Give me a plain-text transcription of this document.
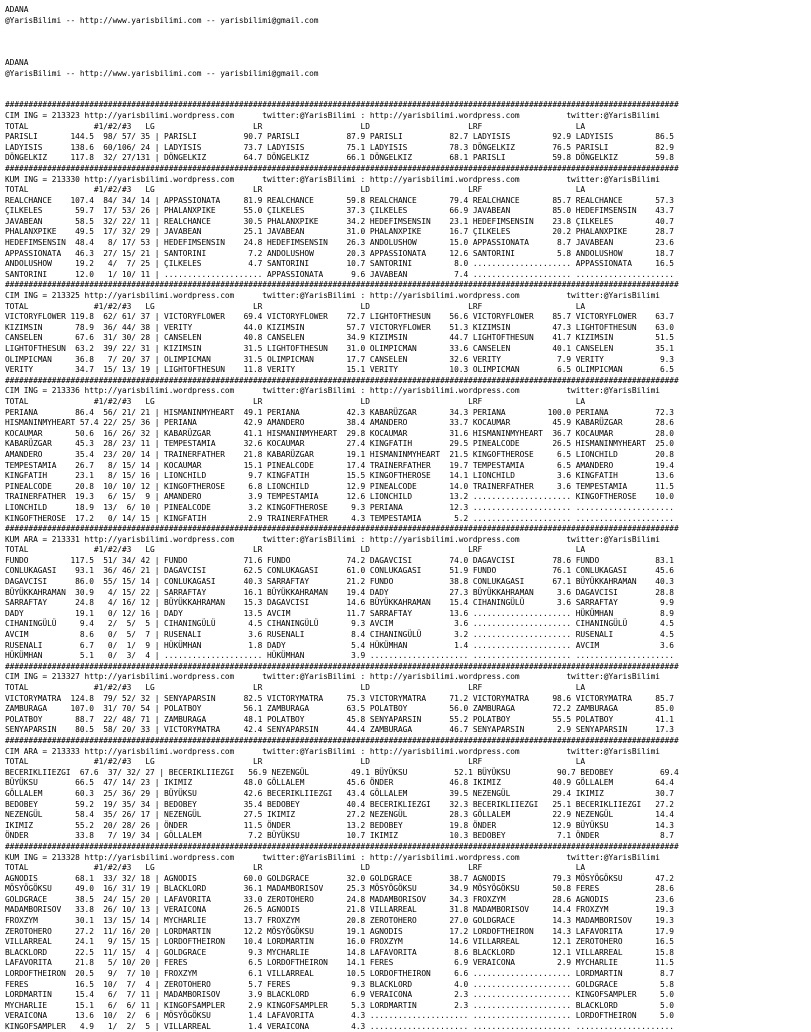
ADANA
@YarisBilimi -- http://www.yarisbilimi.com -- yarisbilimi@gmail.com

ADANA
@YarisBilimi -- http://www.yarisbilimi.com -- yarisbilimi@gmail.com

################################################################################################################################################
CIM ING = 213323 http://yarisbilimi.wordpress.com      twitter:@YarisBilimi : http://yarisbilimi.wordpress.com          twitter:@YarisBilimi
TOTAL              #1/#2/#3   LG                     LR                     LD                     LRF                    LA
PARISLI       144.5  98/ 57/ 35 | PARISLI          90.7 PARISLI          87.9 PARISLI          82.7 LADYISIS         92.9 LADYISIS         86.5
LADYISIS      138.6  60/106/ 24 | LADYISIS         73.7 LADYISIS         75.1 LADYISIS         78.3 DÖNGELKIZ        76.5 PARISLI          82.9
DÖNGELKIZ     117.8  32/ 27/131 | DÖNGELKIZ        64.7 DÖNGELKIZ        66.1 DÖNGELKIZ        68.1 PARISLI          59.8 DÖNGELKIZ        59.8
################################################################################################################################################
KUM ING = 213330 http://yarisbilimi.wordpress.com      twitter:@YarisBilimi : http://yarisbilimi.wordpress.com          twitter:@YarisBilimi
TOTAL              #1/#2/#3   LG                     LR                     LD                     LRF                    LA
REALCHANCE    107.4  84/ 34/ 14 | APPASSIONATA     81.9 REALCHANCE       59.8 REALCHANCE       79.4 REALCHANCE       85.7 REALCHANCE       57.3
ÇILKELES       59.7  17/ 53/ 26 | PHALANXPIKE      55.0 ÇILKELES         37.3 ÇILKELES         66.9 JAVABEAN         85.0 HEDEFIMSENSIN    43.7
JAVABEAN       58.5  32/ 22/ 11 | REALCHANCE       30.5 PHALANXPIKE      34.2 HEDEFIMSENSIN    23.1 HEDEFIMSENSIN    23.8 ÇILKELES         40.7
PHALANXPIKE    49.5  17/ 32/ 29 | JAVABEAN         25.1 JAVABEAN         31.0 PHALANXPIKE      16.7 ÇILKELES         20.2 PHALANXPIKE      28.7
HEDEFIMSENSIN  48.4   8/ 17/ 53 | HEDEFIMSENSIN    24.8 HEDEFIMSENSIN    26.3 ANDOLUSHOW       15.0 APPASSIONATA      8.7 JAVABEAN         23.6
APPASSIONATA   46.3  27/ 15/ 21 | SANTORINI         7.2 ANDOLUSHOW       20.3 APPASSIONATA     12.6 SANTORINI         5.8 ANDOLUSHOW       18.7
ANDOLUSHOW     19.2   4/  7/ 25 | ÇILKELES          4.7 SANTORINI        10.7 SANTORINI         8.0 ..................... APPASSIONATA     16.5
SANTORINI      12.0   1/ 10/ 11 | ..................... APPASSIONATA      9.6 JAVABEAN          7.4 ..................... .....................
################################################################################################################################################
CIM ING = 213325 http://yarisbilimi.wordpress.com      twitter:@YarisBilimi : http://yarisbilimi.wordpress.com          twitter:@YarisBilimi
TOTAL              #1/#2/#3   LG                     LR                     LD                     LRF                    LA
VICTORYFLOWER 119.8  62/ 61/ 37 | VICTORYFLOWER    69.4 VICTORYFLOWER    72.7 LIGHTOFTHESUN    56.6 VICTORYFLOWER    85.7 VICTORYFLOWER    63.7
KIZIMSIN       78.9  36/ 44/ 38 | VERITY           44.0 KIZIMSIN         57.7 VICTORYFLOWER    51.3 KIZIMSIN         47.3 LIGHTOFTHESUN    63.0
CANSELEN       67.6  31/ 30/ 28 | CANSELEN         40.8 CANSELEN         34.9 KIZIMSIN         44.7 LIGHTOFTHESUN    41.7 KIZIMSIN         51.5
LIGHTOFTHESUN  63.2  39/ 22/ 31 | KIZIMSIN         31.5 LIGHTOFTHESUN    31.0 OLIMPICMAN       33.6 CANSELEN         40.1 CANSELEN         35.1
OLIMPICMAN     36.8   7/ 20/ 37 | OLIMPICMAN       31.5 OLIMPICMAN       17.7 CANSELEN         32.6 VERITY            7.9 VERITY            9.3
VERITY         34.7  15/ 13/ 19 | LIGHTOFTHESUN    11.8 VERITY           15.1 VERITY           10.3 OLIMPICMAN        6.5 OLIMPICMAN        6.5
################################################################################################################################################
CIM ING = 213336 http://yarisbilimi.wordpress.com      twitter:@YarisBilimi : http://yarisbilimi.wordpress.com          twitter:@YarisBilimi
TOTAL              #1/#2/#3   LG                     LR                     LD                     LRF                    LA
PERIANA        86.4  56/ 21/ 21 | HISMANINMYHEART  49.1 PERIANA          42.3 KABARÜZGAR       34.3 PERIANA         100.0 PERIANA          72.3
HISMANINMYHEART 57.4 22/ 25/ 36 | PERIANA          42.9 AMANDERO         38.4 AMANDERO         33.7 KOCAUMAR         45.9 KABARÜZGAR       28.6
KOCAUMAR       50.6  16/ 26/ 32 | KABARÜZGAR       41.1 HISMANINMYHEART  29.8 KOCAUMAR         31.6 HISMANINMYHEART  36.7 KOCAUMAR         28.0
KABARÜZGAR     45.3  28/ 23/ 11 | TEMPESTAMIA      32.6 KOCAUMAR         27.4 KINGFATIH        29.5 PINEALCODE       26.5 HISMANINMYHEART  25.0
AMANDERO       35.4  23/ 20/ 14 | TRAINERFATHER    21.8 KABARÜZGAR       19.1 HISMANINMYHEART  21.5 KINGOFTHEROSE     6.5 LIONCHILD        20.8
TEMPESTAMIA    26.7   8/ 15/ 14 | KOCAUMAR         15.1 PINEALCODE       17.4 TRAINERFATHER    19.7 TEMPESTAMIA       6.5 AMANDERO         19.4
KINGFATIH      23.1   8/ 15/ 16 | LIONCHILD         9.7 KINGFATIH        15.5 KINGOFTHEROSE    14.1 LIONCHILD         3.6 KINGFATIH        13.6
PINEALCODE     20.8  10/ 10/ 12 | KINGOFTHEROSE     6.8 LIONCHILD        12.9 PINEALCODE       14.0 TRAINERFATHER     3.6 TEMPESTAMIA      11.5
TRAINERFATHER  19.3   6/ 15/  9 | AMANDERO          3.9 TEMPESTAMIA      12.6 LIONCHILD        13.2 ..................... KINGOFTHEROSE    10.0
LIONCHILD      18.9  13/  6/ 10 | PINEALCODE        3.2 KINGOFTHEROSE     9.3 PERIANA          12.3 ..................... .....................
KINGOFTHEROSE  17.2   0/ 14/ 15 | KINGFATIH         2.9 TRAINERFATHER     4.3 TEMPESTAMIA       5.2 ..................... .....................
################################################################################################################################################
KUM ARA = 213331 http://yarisbilimi.wordpress.com      twitter:@YarisBilimi : http://yarisbilimi.wordpress.com          twitter:@YarisBilimi
TOTAL              #1/#2/#3   LG                     LR                     LD                     LRF                    LA
FUNDO         117.5  51/ 34/ 42 | FUNDO            71.6 FUNDO            74.2 DAGAVCISI        74.0 DAGAVCISI        78.6 FUNDO            83.1
CONLUKAGASI    93.1  36/ 46/ 21 | DAGAVCISI        62.5 CONLUKAGASI      61.0 CONLUKAGASI      51.9 FUNDO            76.1 CONLUKAGASI      45.6
DAGAVCISI      86.0  55/ 15/ 14 | CONLUKAGASI      40.3 SARRAFTAY        21.2 FUNDO            38.8 CONLUKAGASI      67.1 BÜYÜKKAHRAMAN    40.3
BÜYÜKKAHRAMAN  30.9   4/ 15/ 22 | SARRAFTAY        16.1 BÜYÜKKAHRAMAN    19.4 DADY             27.3 BÜYÜKKAHRAMAN     3.6 DAGAVCISI        28.8
SARRAFTAY      24.8   4/ 16/ 12 | BÜYÜKKAHRAMAN    15.3 DAGAVCISI        14.6 BÜYÜKKAHRAMAN    15.4 CIHANINGÜLÜ       3.6 SARRAFTAY         9.9
DADY           19.1   0/ 12/ 16 | DADY             13.5 AVCIM            11.7 SARRAFTAY        13.6 ..................... HÜKÜMHAN          8.9
CIHANINGÜLÜ     9.4   2/  5/  5 | CIHANINGÜLÜ       4.5 CIHANINGÜLÜ       9.3 AVCIM             3.6 ..................... CIHANINGÜLÜ       4.5
AVCIM           8.6   0/  5/  7 | RUSENALI          3.6 RUSENALI          8.4 CIHANINGÜLÜ       3.2 ..................... RUSENALI          4.5
RUSENALI        6.7   0/  1/  9 | HÜKÜMHAN          1.8 DADY              5.4 HÜKÜMHAN          1.4 ..................... AVCIM             3.6
HÜKÜMHAN        5.1   0/  3/  4 | ..................... HÜKÜMHAN          3.9 ..................... ..................... .....................
################################################################################################################################################
CIM ING = 213327 http://yarisbilimi.wordpress.com      twitter:@YarisBilimi : http://yarisbilimi.wordpress.com          twitter:@YarisBilimi
TOTAL              #1/#2/#3   LG                     LR                     LD                     LRF                    LA
VICTORYMATRA  124.8  79/ 52/ 32 | SENYAPARSIN      82.5 VICTORYMATRA     75.3 VICTORYMATRA     71.2 VICTORYMATRA     98.6 VICTORYMATRA     85.7
ZAMBURAGA     107.0  31/ 70/ 54 | POLATBOY         56.1 ZAMBURAGA        63.5 POLATBOY         56.0 ZAMBURAGA        72.2 ZAMBURAGA        85.0
POLATBOY       88.7  22/ 48/ 71 | ZAMBURAGA        48.1 POLATBOY         45.8 SENYAPARSIN      55.2 POLATBOY         55.5 POLATBOY         41.1
SENYAPARSIN    80.5  58/ 20/ 33 | VICTORYMATRA     42.4 SENYAPARSIN      44.4 ZAMBURAGA        46.7 SENYAPARSIN       2.9 SENYAPARSIN      17.3
################################################################################################################################################
CIM ARA = 213333 http://yarisbilimi.wordpress.com      twitter:@YarisBilimi : http://yarisbilimi.wordpress.com          twitter:@YarisBilimi
TOTAL              #1/#2/#3   LG                     LR                     LD                     LRF                    LA
BECERIKLIIEZGI  67.6  37/ 32/ 27 | BECERIKLIIEZGI   56.9 NEZENGÜL         49.1 BÜYÜKSU          52.1 BÜYÜKSU          90.7 BEDOBEY          69.4
BÜYÜKSU        66.5  47/ 14/ 23 | IKIMIZ           48.0 GÖLLALEM         45.6 ÖNDER            46.8 IKIMIZ           40.9 GÖLLALEM         64.4
GÖLLALEM       60.3  25/ 36/ 29 | BÜYÜKSU          42.6 BECERIKLIIEZGI   43.4 GÖLLALEM         39.5 NEZENGÜL         29.4 IKIMIZ           30.7
BEDOBEY        59.2  19/ 35/ 34 | BEDOBEY          35.4 BEDOBEY          40.4 BECERIKLIEZGI    32.3 BECERIKLIIEZGI   25.1 BECERIKLIIEZGI   27.2
NEZENGÜL       58.4  35/ 26/ 17 | NEZENGÜL         27.5 IKIMIZ           27.2 NEZENGÜL         28.3 GÖLLALEM         22.9 NEZENGÜL         14.4
IKIMIZ         55.2  20/ 28/ 26 | ÖNDER            11.5 ÖNDER            13.2 BEDOBEY          19.8 ÖNDER            12.9 BÜYÜKSU          14.3
ÖNDER          33.8   7/ 19/ 34 | GÖLLALEM          7.2 BÜYÜKSU          10.7 IKIMIZ           10.3 BEDOBEY           7.1 ÖNDER             8.7
################################################################################################################################################
KUM ING = 213328 http://yarisbilimi.wordpress.com      twitter:@YarisBilimi : http://yarisbilimi.wordpress.com          twitter:@YarisBilimi
TOTAL              #1/#2/#3   LG                     LR                     LD                     LRF                    LA
AGNODIS        68.1  33/ 32/ 18 | AGNODIS          60.0 GOLDGRACE        32.0 GOLDGRACE        38.7 AGNODIS          79.3 MÖSYÖGÖKSU       47.2
MÖSYÖGÖKSU     49.0  16/ 31/ 19 | BLACKLORD        36.1 MADAMBORISOV     25.3 MÖSYÖGÖKSU       34.9 MÖSYÖGÖKSU       50.8 FERES            28.6
GOLDGRACE      38.5  24/ 15/ 20 | LAFAVORITA       33.0 ZEROTOHERO       24.8 MADAMBORISOV     34.3 FROXZYM          28.6 AGNODIS          23.6
MADAMBORISOV   33.8  26/ 10/ 13 | VERAICONA        26.5 AGNODIS          21.8 VILLARREAL       31.8 MADAMBORISOV     14.4 FROXZYM          19.3
FROXZYM        30.1  13/ 15/ 14 | MYCHARLIE        13.7 FROXZYM          20.8 ZEROTOHERO       27.0 GOLDGRACE        14.3 MADAMBORISOV     19.3
ZEROTOHERO     27.2  11/ 16/ 20 | LORDMARTIN       12.2 MÖSYÖGÖKSU       19.1 AGNODIS          17.2 LORDOFTHEIRON    14.3 LAFAVORITA       17.9
VILLARREAL     24.1   9/ 15/ 15 | LORDOFTHEIRON    10.4 LORDMARTIN       16.0 FROXZYM          14.6 VILLARREAL       12.1 ZEROTOHERO       16.5
BLACKLORD      22.5  11/ 15/  4 | GOLDGRACE         9.3 MYCHARLIE        14.8 LAFAVORITA        8.6 BLACKLORD        12.1 VILLARREAL       15.8
LAFAVORITA     21.8   5/ 10/ 20 | FERES             6.5 LORDOFTHEIRON    14.1 FERES             6.9 VERAICONA         2.9 MYCHARLIE        11.5
LORDOFTHEIRON  20.5   9/  7/ 10 | FROXZYM           6.1 VILLARREAL       10.5 LORDOFTHEIRON     6.6 ..................... LORDMARTIN        8.7
FERES          16.5  10/  7/  4 | ZEROTOHERO        5.7 FERES             9.3 BLACKLORD         4.0 ..................... GOLDGRACE         5.8
LORDMARTIN     15.4   6/  7/ 11 | MADAMBORISOV      3.9 BLACKLORD         6.9 VERAICONA         2.3 ..................... KINGOFSAMPLER     5.0
MYCHARLIE      15.1   6/  6/ 11 | KINGOFSAMPLER     2.9 KINGOFSAMPLER     5.3 LORDMARTIN        2.3 ..................... BLACKLORD         5.0
VERAICONA      13.6  10/  2/  6 | MÖSYÖGÖKSU        1.4 LAFAVORITA        4.3 ..................... ..................... LORDOFTHEIRON     5.0
KINGOFSAMPLER   4.9   1/  2/  5 | VILLARREAL        1.4 VERAICONA         4.3 ..................... ..................... .....................
